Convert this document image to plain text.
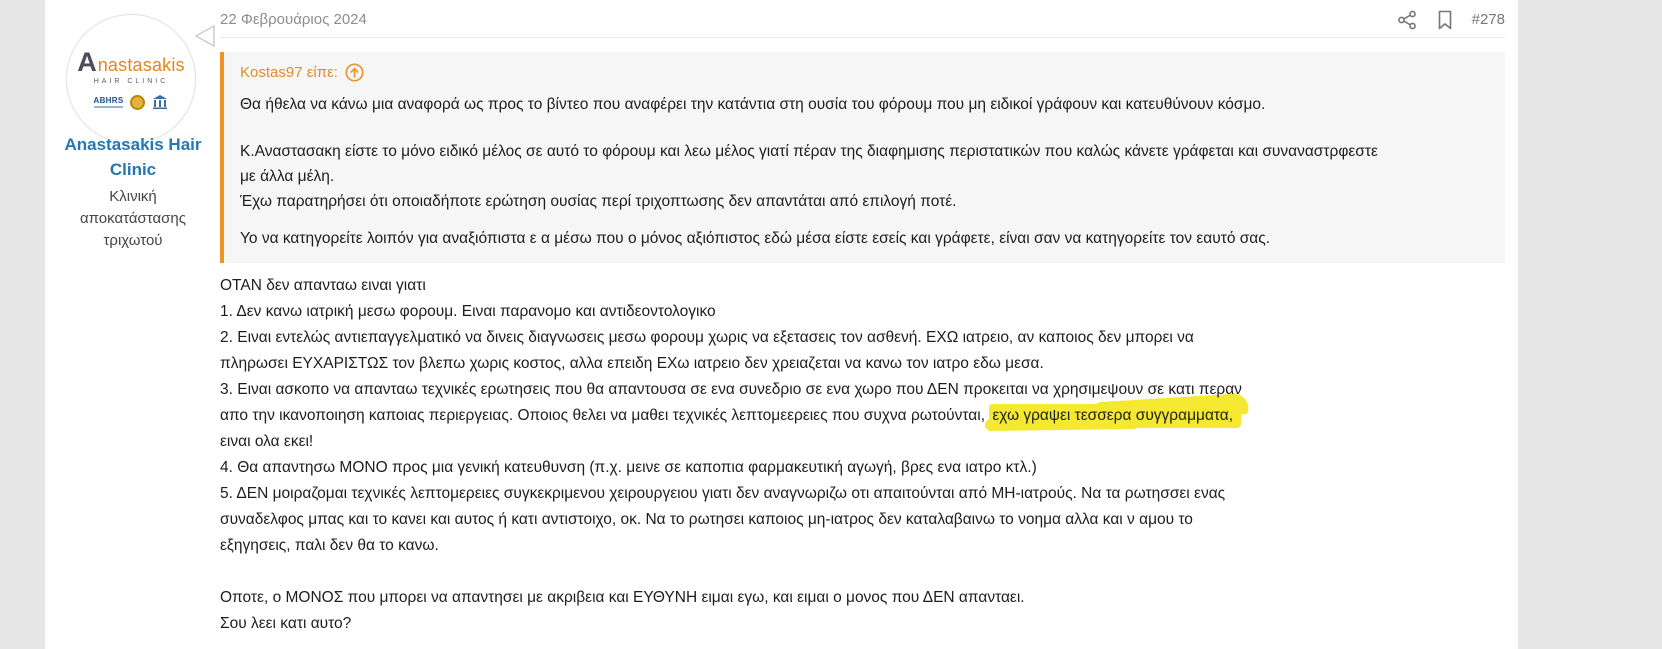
A nastasakis
HAIR CLINIC
ABHRS
Anastasakis Hair Clinic
Κλινική αποκατάστασης τριχωτού
22 Φεβρουάριος 2024	#278
Kostas97 είπε:
Θα ήθελα να κάνω μια αναφορά ως προς το βίντεο που αναφέρει την κατάντια στη ουσία του φόρουμ που μη ειδικοί γράφουν και κατευθύνουν κόσμο.
Κ.Αναστασακη είστε το μόνο ειδικό μέλος σε αυτό το φόρουμ και λεω μέλος γιατί πέραν της διαφημισης περιστατικών που καλώς κάνετε γράφεται και συναναστρφεστε
με άλλα μέλη.
Έχω παρατηρήσει ότι οποιαδήποτε ερώτηση ουσίας περί τριχοπτωσης δεν απαντάται από επιλογή ποτέ.
Υο να κατηγορείτε λοιπόν για αναξιόπιστα ε α μέσω που ο μόνος αξιόπιστος εδώ μέσα είστε εσείς και γράφετε, είναι σαν να κατηγορείτε τον εαυτό σας.
ΟΤΑΝ δεν απανταω ειναι γιατι
1. Δεν κανω ιατρική μεσω φορουμ. Ειναι παρανομο και αντιδεοντολογικο
2. Ειναι εντελώς αντιεπαγγελματικό να δινεις διαγνωσεις μεσω φορουμ χωρις να εξετασεις τον ασθενή. ΕΧΩ ιατρειο, αν καποιος δεν μπορει να
πληρωσει ΕΥΧΑΡΙΣΤΩΣ τον βλεπω χωρις κοστος, αλλα επειδη ΕΧω ιατρειο δεν χρειαζεται να κανω τον ιατρο εδω μεσα.
3. Ειναι ασκοπο να απανταω τεχνικές ερωτησεις που θα απαντουσα σε ενα συνεδριο σε ενα χωρο που ΔΕΝ προκειται να χρησιμεψουν σε κατι περαν
απο την ικανοποιηση καποιας περιεργειας. Οποιος θελει να μαθει τεχνικές λεπτομεερειες που συχνα ρωτούνται, εχω γραψει τεσσερα συγγραμματα,
ειναι ολα εκει!
4. Θα απαντησω ΜΟΝΟ προς μια γενική κατευθυνση (π.χ. μεινε σε καποπια φαρμακευτική αγωγή, βρες ενα ιατρο κτλ.)
5. ΔΕΝ μοιραζομαι τεχνικές λεπτομερειες συγκεκριμενου χειρουργειου γιατι δεν αναγνωριζω οτι απαιτούνται από ΜΗ-ιατρούς. Να τα ρωτησσει ενας
συναδελφος μπας και το κανει και αυτος ή κατι αντιστοιχο, οκ. Να το ρωτησει καποιος μη-ιατρος δεν καταλαβαινω το νοημα αλλα και ν αμου το
εξηγησεις, παλι δεν θα το κανω.
Οποτε, ο ΜΟΝΟΣ που μπορει να απαντησει με ακριβεια και ΕΥΘΥΝΗ ειμαι εγω, και ειμαι ο μονος που ΔΕΝ απανταει.
Σου λεει κατι αυτο?
